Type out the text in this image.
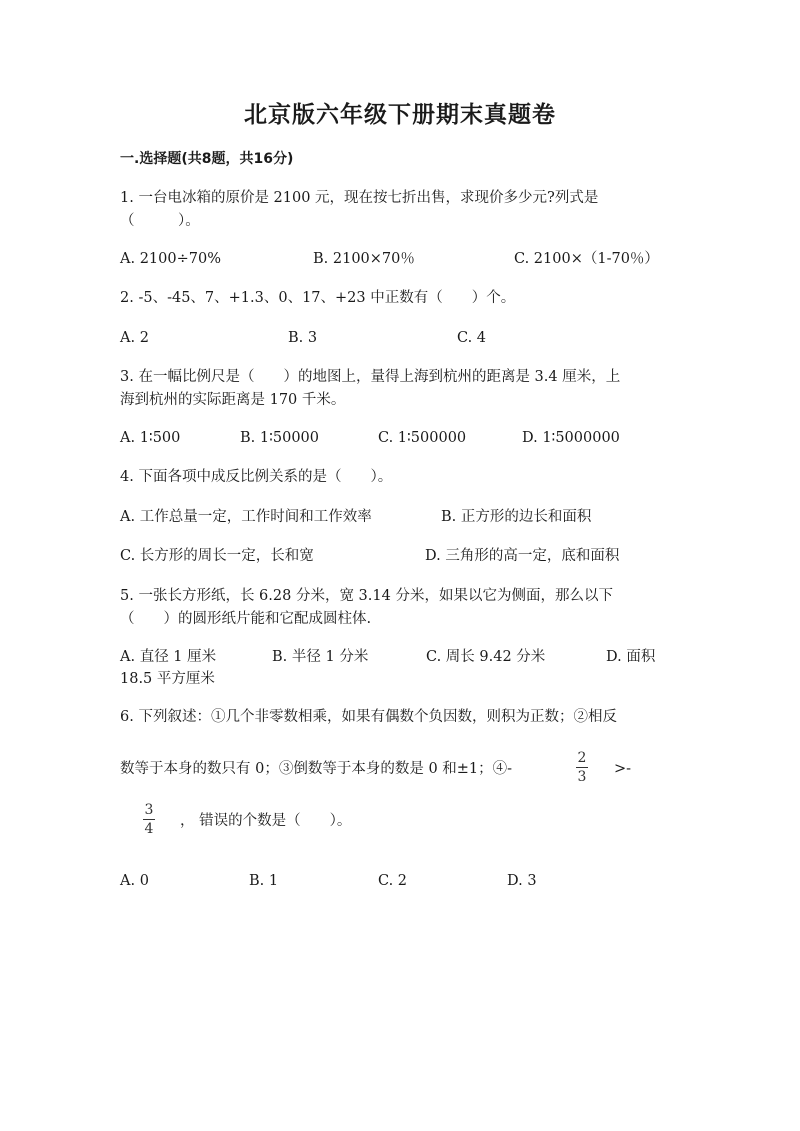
北京版六年级下册期末真题卷
一.选择题(共8题，共16分)
1. 一台电冰箱的原价是 2100 元，现在按七折出售，求现价多少元?列式是
（　　　）。
A. 2100÷70%	B. 2100×70％	C. 2100×（1-70％）
2. -5、-45、7、+1.3、0、17、+23 中正数有（　　）个。
A. 2	B. 3	C. 4
3. 在一幅比例尺是（　　）的地图上，量得上海到杭州的距离是 3.4 厘米，上
海到杭州的实际距离是 170 千米。
A. 1∶500	B. 1∶50000	C. 1∶500000	D. 1∶5000000
4. 下面各项中成反比例关系的是（　　）。
A. 工作总量一定，工作时间和工作效率	B. 正方形的边长和面积
C. 长方形的周长一定，长和宽	D. 三角形的高一定，底和面积
5. 一张长方形纸，长 6.28 分米，宽 3.14 分米，如果以它为侧面，那么以下
（　　）的圆形纸片能和它配成圆柱体.
A. 直径 1 厘米	B. 半径 1 分米	C. 周长 9.42 分米	D. 面积
18.5 平方厘米
6. 下列叙述：①几个非零数相乘，如果有偶数个负因数，则积为正数；②相反
数等于本身的数只有 0；③倒数等于本身的数是 0 和±1；④-
2
3 >-
3
4 ， 错误的个数是（　　）。
A. 0	B. 1	C. 2	D. 3
